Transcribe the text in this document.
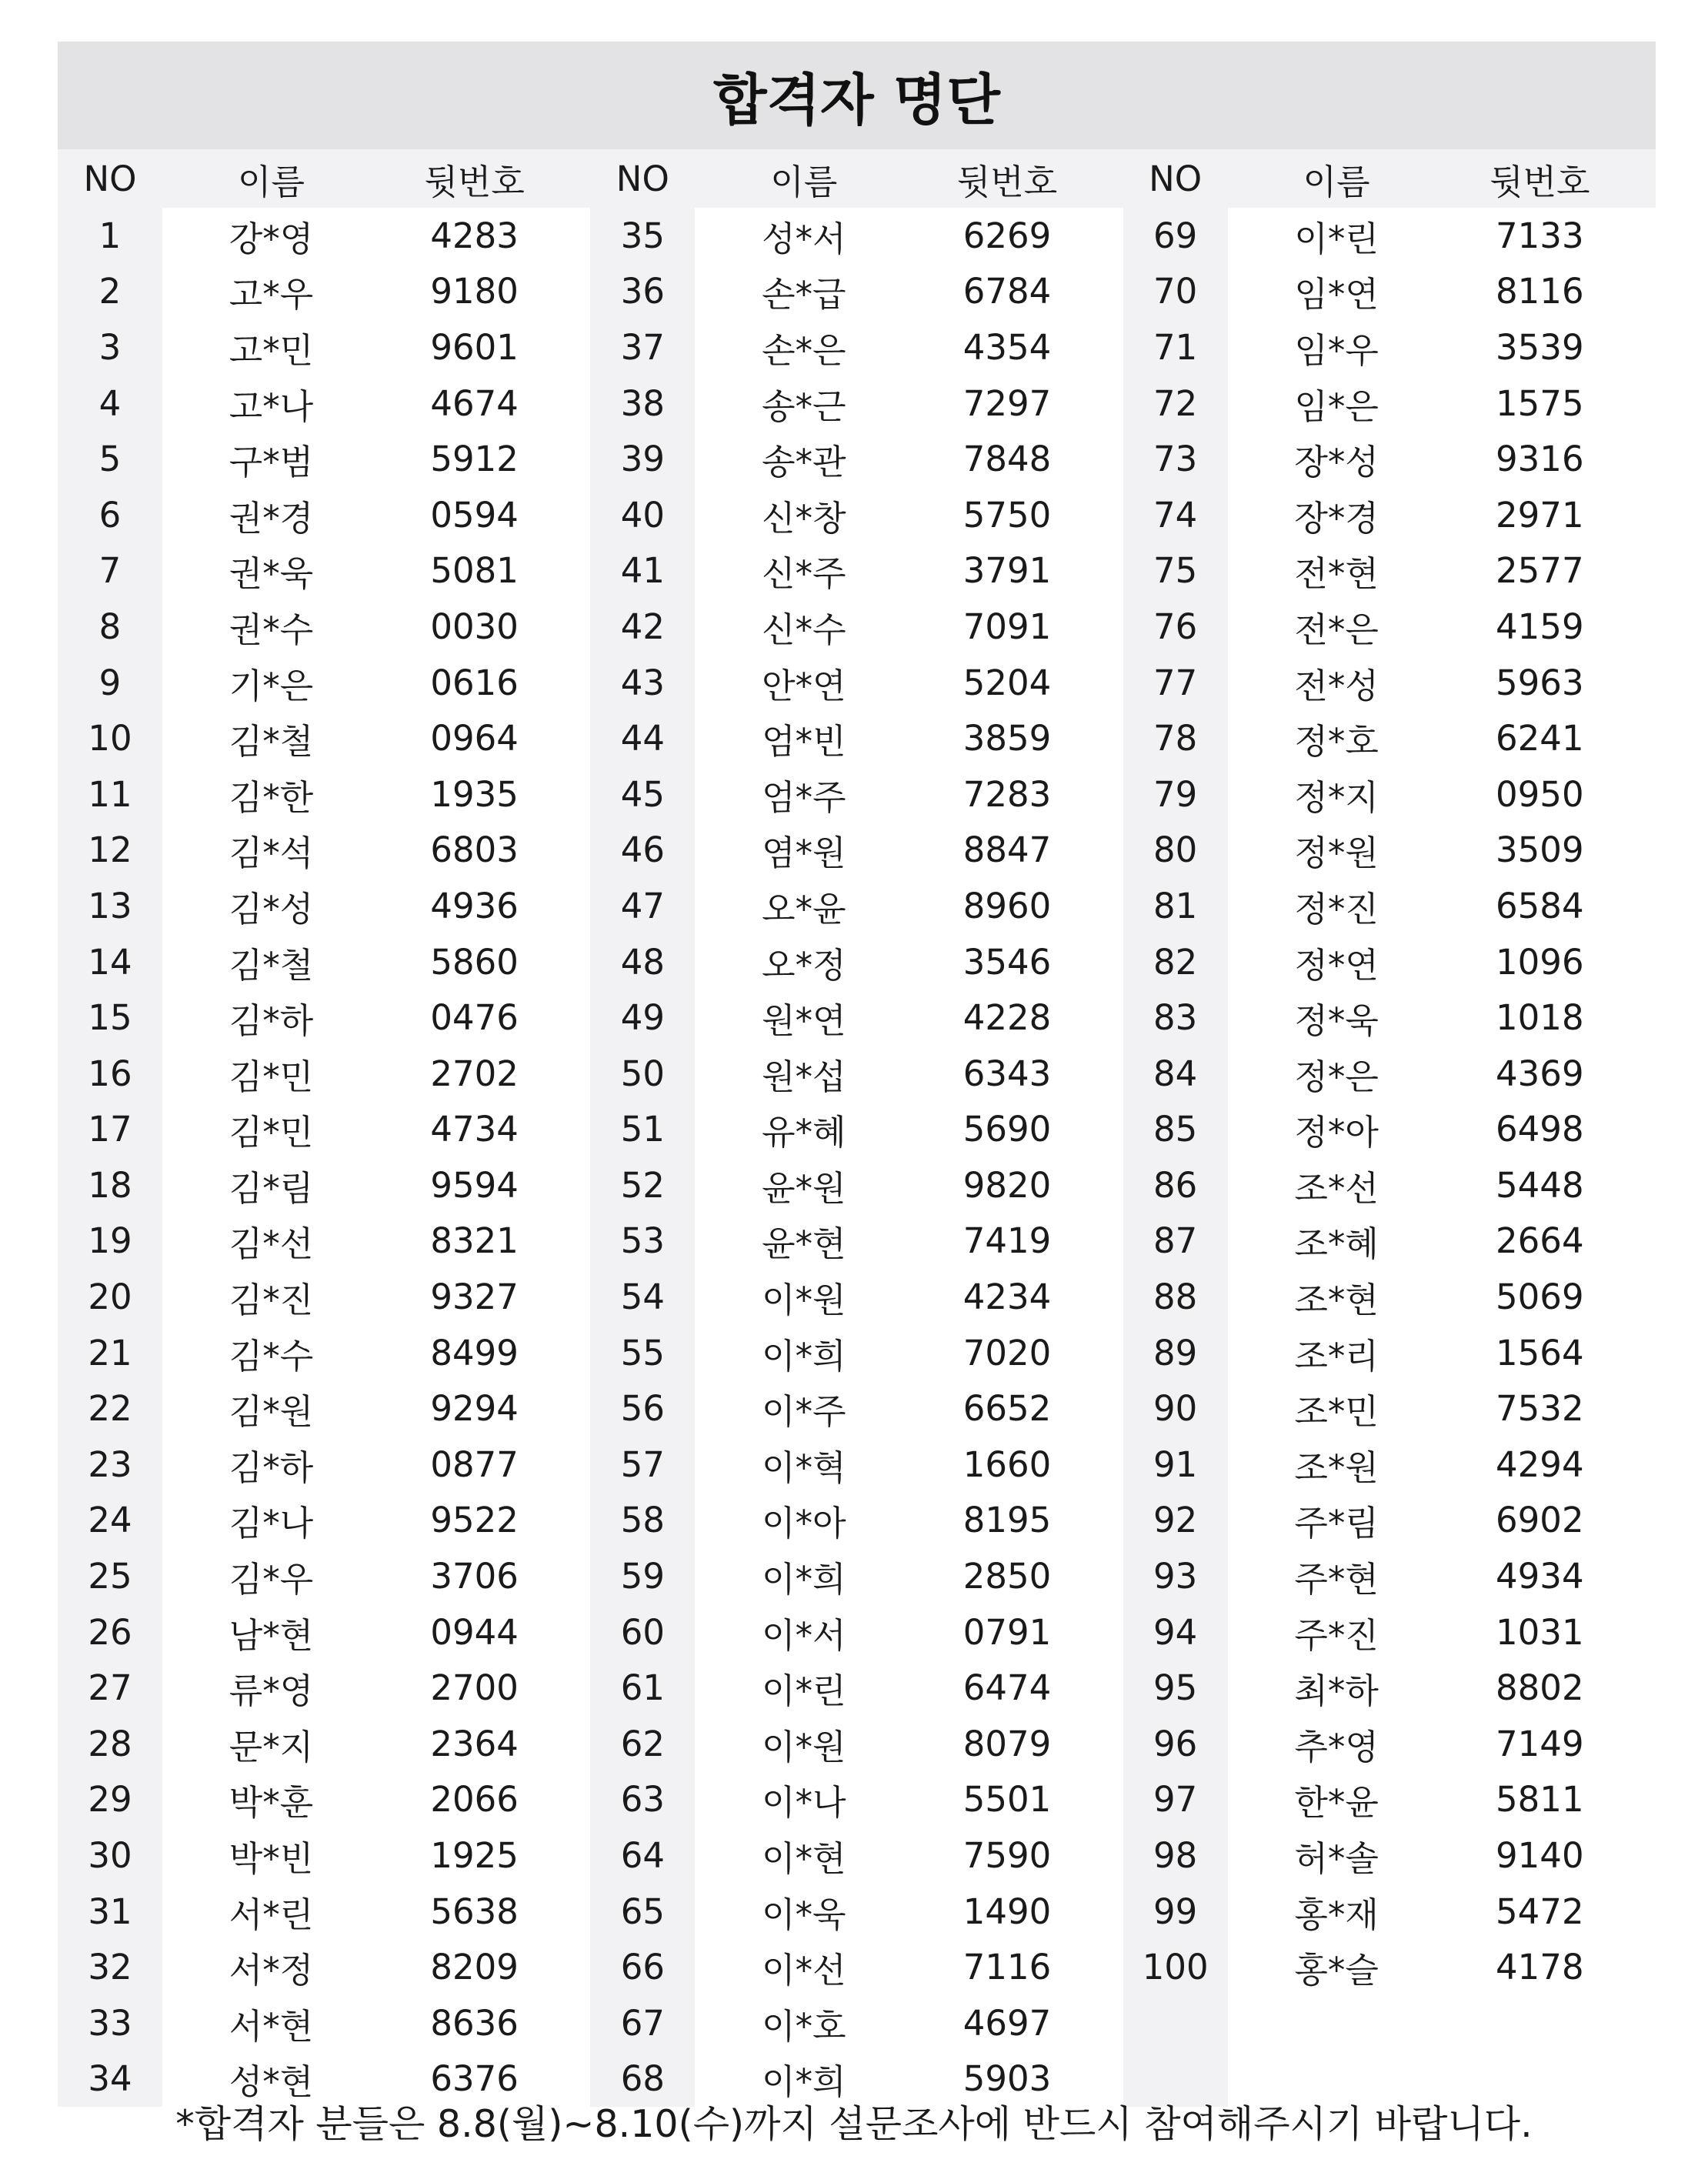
합격자 명단
NO
1
2
3
4
5
6
7
8
9
10
11
12
13
14
15
16
17
18
19
20
21
22
23
24
25
26
27
28
29
30
31
32
33
34
이름
강*영
고*우
고*민
고*나
구*범
권*경
권*욱
권*수
기*은
김*철
김*한
김*석
김*성
김*철
김*하
김*민
김*민
김*림
김*선
김*진
김*수
김*원
김*하
김*나
김*우
남*현
류*영
문*지
박*훈
박*빈
서*린
서*정
서*현
성*현
뒷번호
4283
9180
9601
4674
5912
0594
5081
0030
0616
0964
1935
6803
4936
5860
0476
2702
4734
9594
8321
9327
8499
9294
0877
9522
3706
0944
2700
2364
2066
1925
5638
8209
8636
6376
NO
35
36
37
38
39
40
41
42
43
44
45
46
47
48
49
50
51
52
53
54
55
56
57
58
59
60
61
62
63
64
65
66
67
68
이름
성*서
손*급
손*은
송*근
송*관
신*창
신*주
신*수
안*연
엄*빈
엄*주
염*원
오*윤
오*정
원*연
원*섭
유*혜
윤*원
윤*현
이*원
이*희
이*주
이*혁
이*아
이*희
이*서
이*린
이*원
이*나
이*현
이*욱
이*선
이*호
이*희
뒷번호
6269
6784
4354
7297
7848
5750
3791
7091
5204
3859
7283
8847
8960
3546
4228
6343
5690
9820
7419
4234
7020
6652
1660
8195
2850
0791
6474
8079
5501
7590
1490
7116
4697
5903
NO
69
70
71
72
73
74
75
76
77
78
79
80
81
82
83
84
85
86
87
88
89
90
91
92
93
94
95
96
97
98
99
100
이름
이*린
임*연
임*우
임*은
장*성
장*경
전*현
전*은
전*성
정*호
정*지
정*원
정*진
정*연
정*욱
정*은
정*아
조*선
조*혜
조*현
조*리
조*민
조*원
주*림
주*현
주*진
최*하
추*영
한*윤
허*솔
홍*재
홍*슬
뒷번호
7133
8116
3539
1575
9316
2971
2577
4159
5963
6241
0950
3509
6584
1096
1018
4369
6498
5448
2664
5069
1564
7532
4294
6902
4934
1031
8802
7149
5811
9140
5472
4178
*합격자 분들은 8.8(월)~8.10(수)까지 설문조사에 반드시 참여해주시기 바랍니다.
